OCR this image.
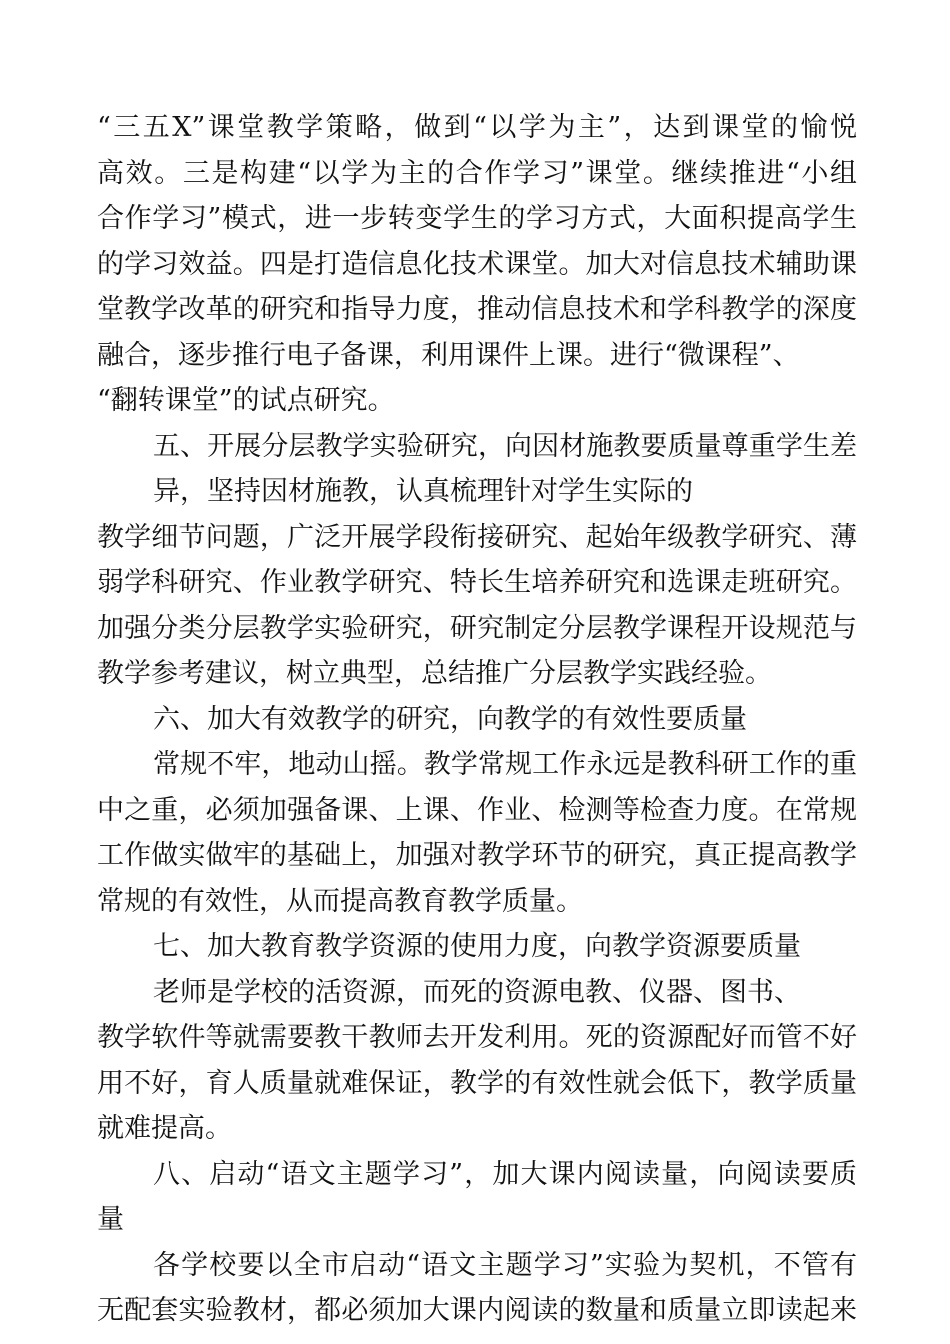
“三五X”课堂教学策略，做到“以学为主”，达到课堂的愉悦
高效。三是构建“以学为主的合作学习”课堂。继续推进“小组
合作学习”模式，进一步转变学生的学习方式，大面积提高学生
的学习效益。四是打造信息化技术课堂。加大对信息技术辅助课
堂教学改革的研究和指导力度，推动信息技术和学科教学的深度
融合，逐步推行电子备课，利用课件上课。进行“微课程”、
“翻转课堂”的试点研究。
五、开展分层教学实验研究，向因材施教要质量尊重学生差
异，坚持因材施教，认真梳理针对学生实际的
教学细节问题，广泛开展学段衔接研究、起始年级教学研究、薄
弱学科研究、作业教学研究、特长生培养研究和选课走班研究。
加强分类分层教学实验研究，研究制定分层教学课程开设规范与
教学参考建议，树立典型，总结推广分层教学实践经验。
六、加大有效教学的研究，向教学的有效性要质量
常规不牢，地动山摇。教学常规工作永远是教科研工作的重
中之重，必须加强备课、上课、作业、检测等检查力度。在常规
工作做实做牢的基础上，加强对教学环节的研究，真正提高教学
常规的有效性，从而提高教育教学质量。
七、加大教育教学资源的使用力度，向教学资源要质量
老师是学校的活资源，而死的资源电教、仪器、图书、
教学软件等就需要教干教师去开发利用。死的资源配好而管不好
用不好，育人质量就难保证，教学的有效性就会低下，教学质量
就难提高。
八、启动“语文主题学习”，加大课内阅读量，向阅读要质
量
各学校要以全市启动“语文主题学习”实验为契机，不管有
无配套实验教材，都必须加大课内阅读的数量和质量立即读起来
